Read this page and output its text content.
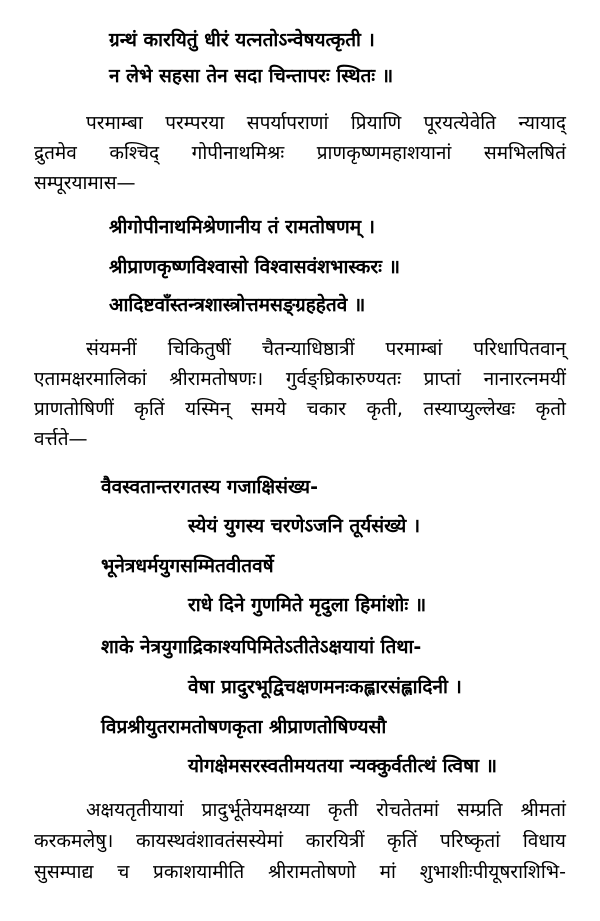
ग्रन्थं कारयितुं धीरं यत्नतोऽन्वेषयत्कृती ।
न लेभे सहसा तेन सदा चिन्तापरः स्थितः ॥
परमाम्बा परम्परया सपर्यापराणां प्रियाणि पूरयत्येवेति न्यायाद्
द्रुतमेव कश्चिद् गोपीनाथमिश्रः प्राणकृष्णमहाशयानां समभिलषितं
सम्पूरयामास—
श्रीगोपीनाथमिश्रेणानीय तं रामतोषणम् ।
श्रीप्राणकृष्णविश्वासो विश्वासवंशभास्करः ॥
आदिष्टवाँस्तन्त्रशास्त्रोत्तमसङ्ग्रहहेतवे ॥
संयमनीं चिकितुषीं चैतन्याधिष्ठात्रीं परमाम्बां परिधापितवान्
एतामक्षरमालिकां श्रीरामतोषणः। गुर्वङ्घ्रिकारुण्यतः प्राप्तां नानारत्नमयीं
प्राणतोषिणीं कृतिं यस्मिन् समये चकार कृती, तस्याप्युल्लेखः कृतो
वर्त्तते—
वैवस्वतान्तरगतस्य गजाक्षिसंख्य-
स्येयं युगस्य चरणेऽजनि तूर्यसंख्ये ।
भूनेत्रधर्मयुगसम्मितवीतवर्षे
राधे दिने गुणमिते मृदुला हिमांशोः ॥
शाके नेत्रयुगाद्रिकाश्यपिमितेऽतीतेऽक्षयायां तिथा-
वेषा प्रादुरभूद्विचक्षणमनःकह्लारसंह्लादिनी ।
विप्रश्रीयुतरामतोषणकृता श्रीप्राणतोषिण्यसौ
योगक्षेमसरस्वतीमयतया न्यक्कुर्वतीत्थं त्विषा ॥
अक्षयतृतीयायां प्रादुर्भूतेयमक्षय्या कृती रोचतेतमां सम्प्रति श्रीमतां
करकमलेषु। कायस्थवंशावतंसस्येमां कारयित्रीं कृतिं परिष्कृतां विधाय
सुसम्पाद्य च प्रकाशयामीति श्रीरामतोषणो मां शुभाशीःपीयूषराशिभि-
